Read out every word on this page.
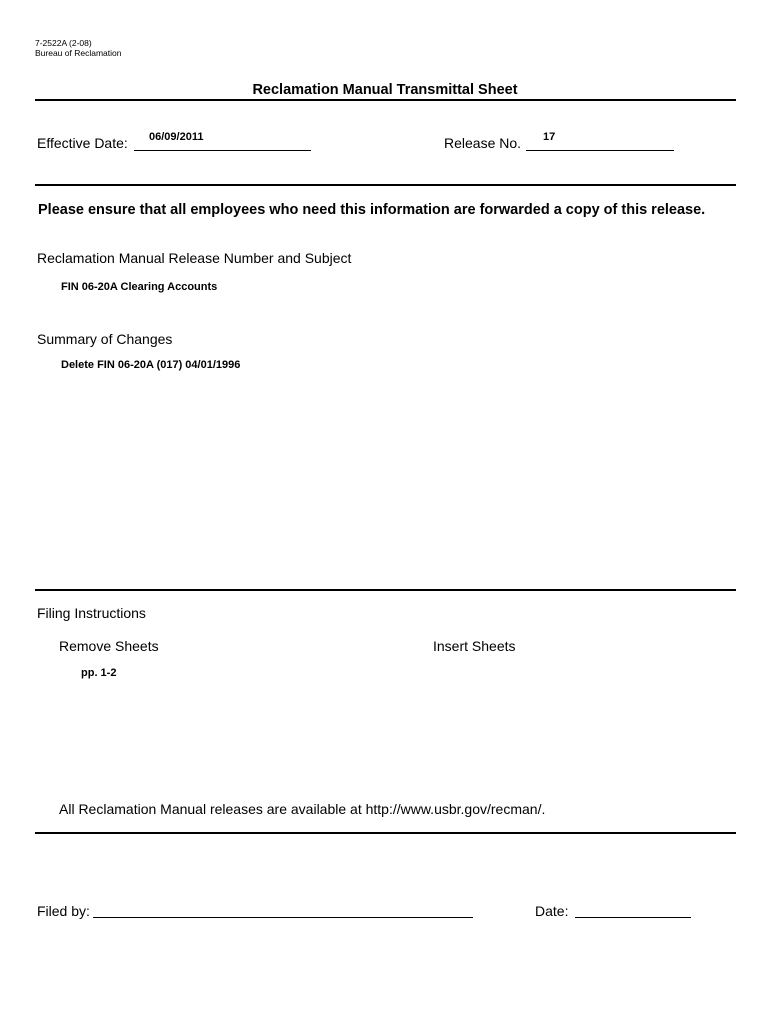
7-2522A (2-08)
Bureau of Reclamation
Reclamation Manual Transmittal Sheet
Effective Date: 06/09/2011	Release No. 17
Please ensure that all employees who need this information are forwarded a copy of this release.
Reclamation Manual Release Number and Subject
FIN 06-20A Clearing Accounts
Summary of Changes
Delete FIN 06-20A (017) 04/01/1996
Filing Instructions
Remove Sheets
pp. 1-2
Insert Sheets
All Reclamation Manual releases are available at http://www.usbr.gov/recman/.
Filed by:	Date:
